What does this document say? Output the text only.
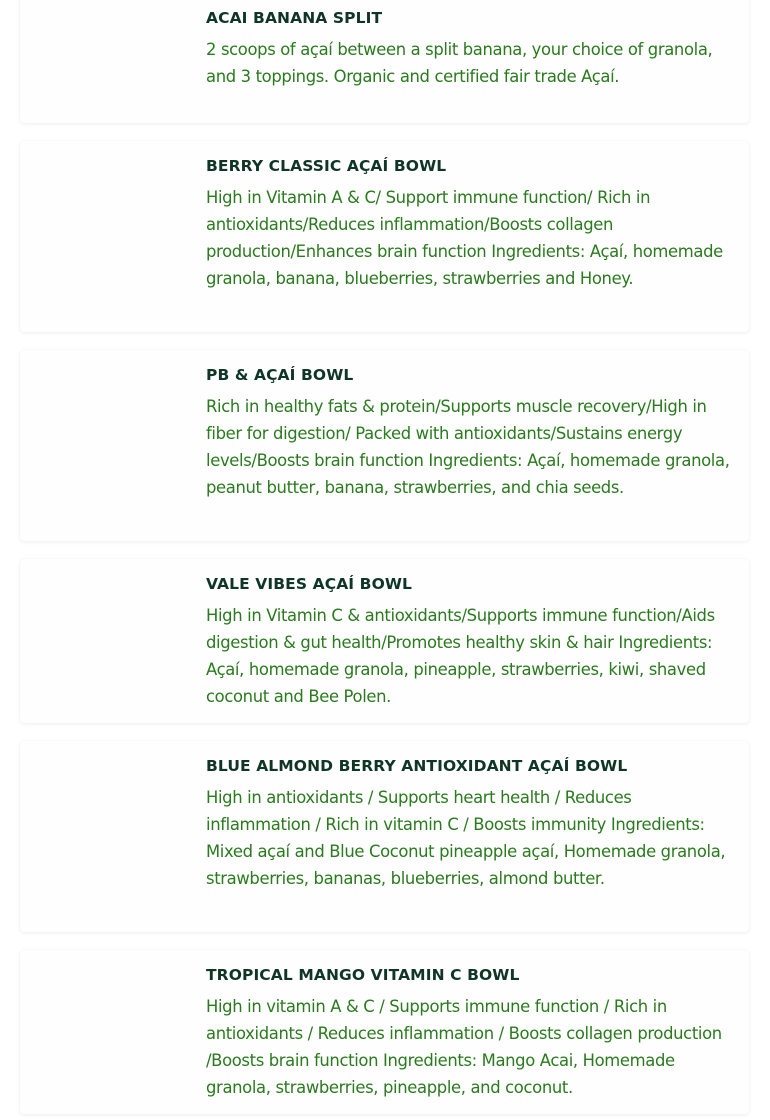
ACAI BANANA SPLIT

2 scoops of açaí between a split banana, your choice of granola, and 3 toppings. Organic and certified fair trade Açaí.

BERRY CLASSIC AÇAÍ BOWL

High in Vitamin A & C/ Support immune function/ Rich in antioxidants/Reduces inflammation/Boosts collagen production/Enhances brain function Ingredients: Açaí, homemade granola, banana, blueberries, strawberries and Honey.

PB & AÇAÍ BOWL

Rich in healthy fats & protein/Supports muscle recovery/High in fiber for digestion/ Packed with antioxidants/Sustains energy levels/Boosts brain function Ingredients: Açaí, homemade granola, peanut butter, banana, strawberries, and chia seeds.

VALE VIBES AÇAÍ BOWL

High in Vitamin C & antioxidants/Supports immune function/Aids digestion & gut health/Promotes healthy skin & hair Ingredients: Açaí, homemade granola, pineapple, strawberries, kiwi, shaved coconut and Bee Polen.

BLUE ALMOND BERRY ANTIOXIDANT AÇAÍ BOWL

High in antioxidants / Supports heart health / Reduces inflammation / Rich in vitamin C / Boosts immunity Ingredients: Mixed açaí and Blue Coconut pineapple açaí, Homemade granola, strawberries, bananas, blueberries, almond butter.

TROPICAL MANGO VITAMIN C BOWL

High in vitamin A & C / Supports immune function / Rich in antioxidants / Reduces inflammation / Boosts collagen production /Boosts brain function Ingredients: Mango Acai, Homemade granola, strawberries, pineapple, and coconut.
